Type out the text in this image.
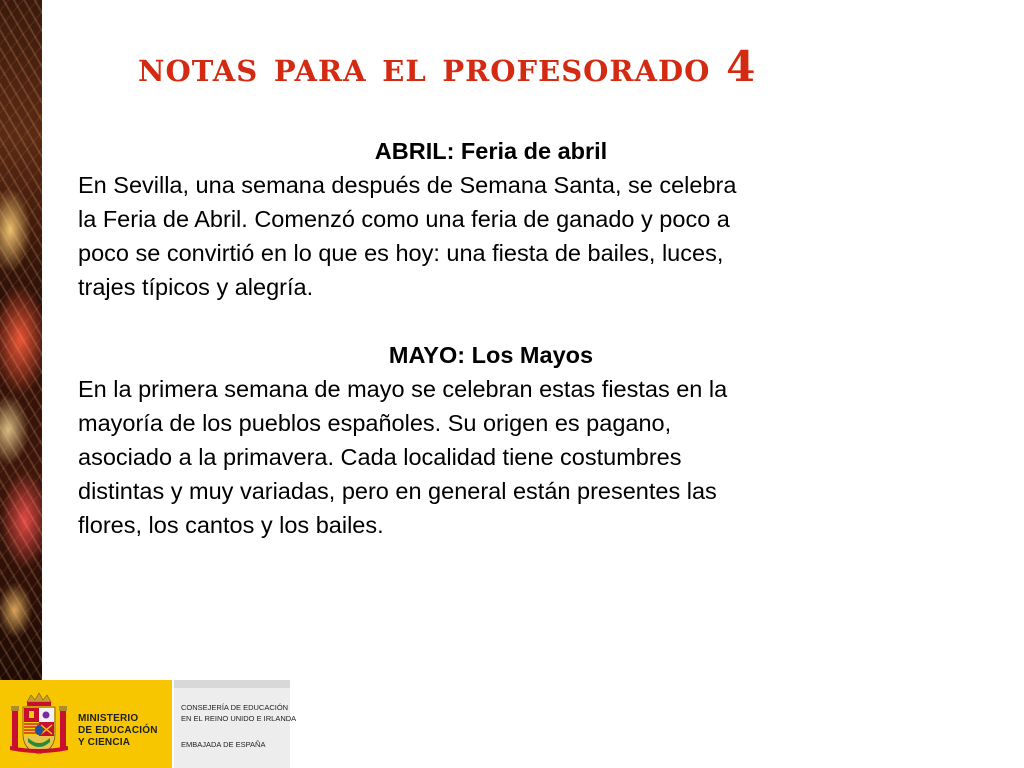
notas para el profesorado 4

ABRIL: Feria de abril

En Sevilla, una semana después de Semana Santa, se celebra

la Feria de Abril. Comenzó como una feria de ganado y poco a

poco se convirtió en lo que es hoy: una fiesta de bailes, luces,

trajes típicos y alegría.

MAYO: Los Mayos

En la primera semana de mayo se celebran estas fiestas en la

mayoría de los pueblos españoles. Su origen es pagano,

asociado a la primavera. Cada localidad tiene costumbres

distintas y muy variadas, pero en general están presentes las

flores, los cantos y los bailes.

MINISTERIO
DE EDUCACIÓN
Y CIENCIA
CONSEJERÍA DE EDUCACIÓN
EN EL REINO UNIDO E IRLANDA
EMBAJADA DE ESPAÑA
